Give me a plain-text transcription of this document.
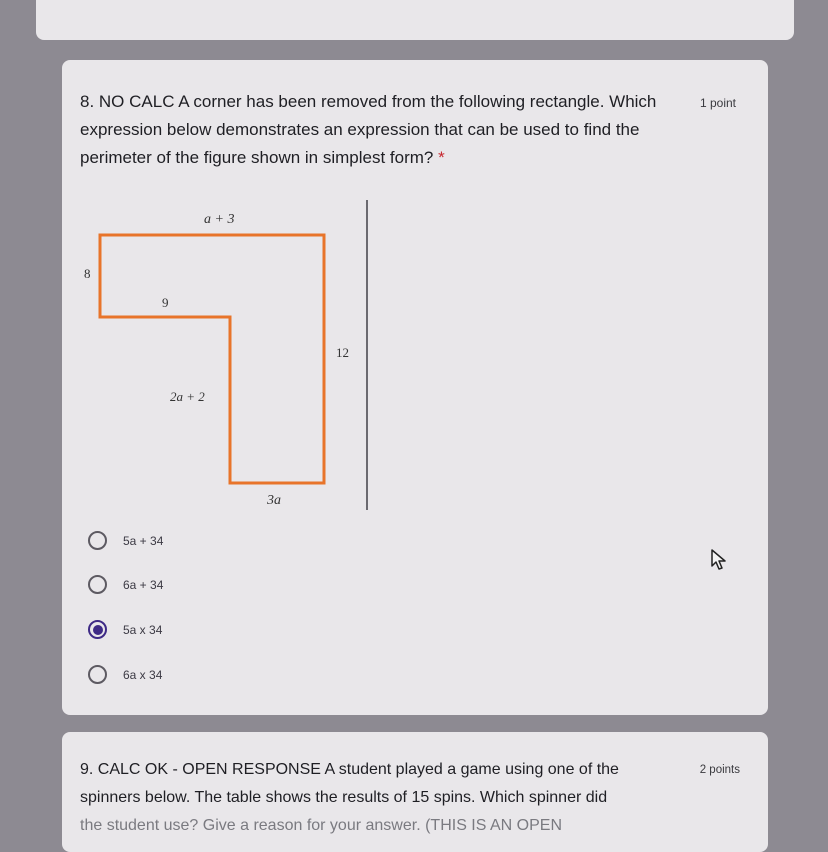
8. NO CALC A corner has been removed from the following rectangle. Which expression below demonstrates an expression that can be used to find the perimeter of the figure shown in simplest form? *

1 point
a + 3
8
9
12
2a + 2
3a
5a + 34
6a + 34
5a x 34
6a x 34

9. CALC OK - OPEN RESPONSE A student played a game using one of the spinners below. The table shows the results of 15 spins. Which spinner did
the student use? Give a reason for your answer. (THIS IS AN OPEN

2 points
